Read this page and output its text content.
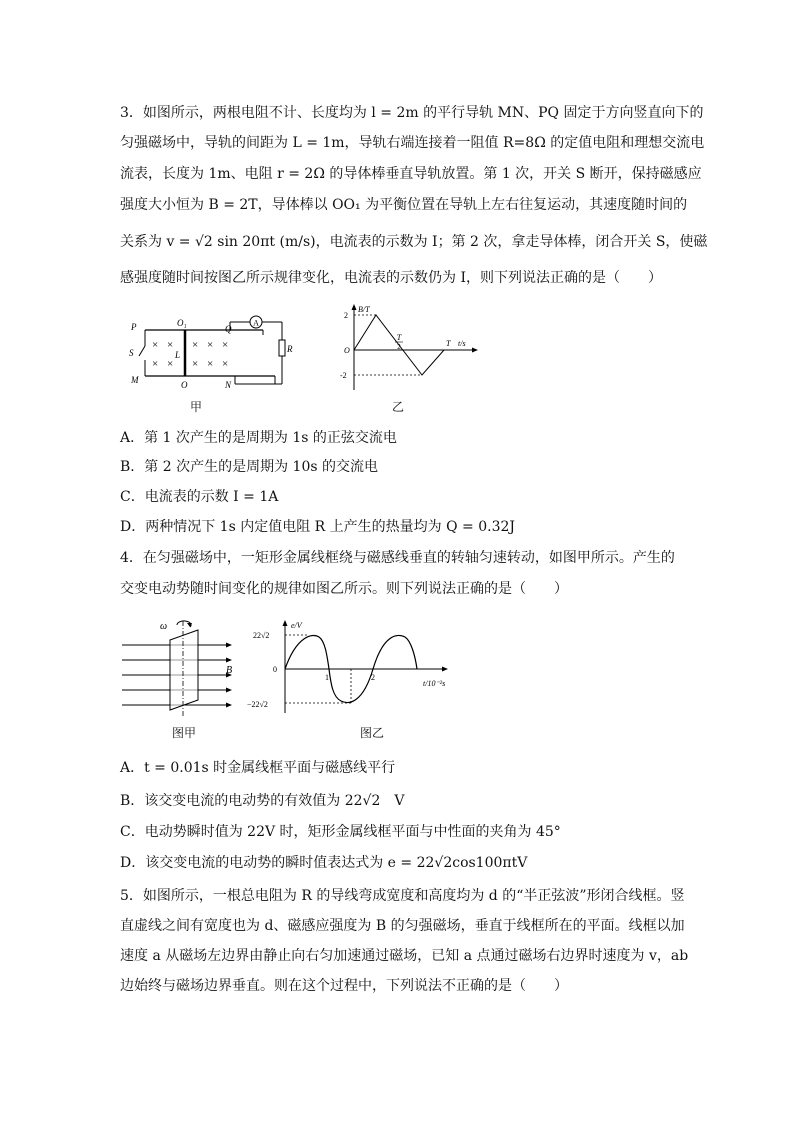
3．如图所示，两根电阻不计、长度均为 l = 2m 的平行导轨 MN、PQ 固定于方向竖直向下的
匀强磁场中，导轨的间距为 L = 1m，导轨右端连接着一阻值 R=8Ω 的定值电阻和理想交流电
流表，长度为 1m、电阻 r = 2Ω 的导体棒垂直导轨放置。第 1 次，开关 S 断开，保持磁感应
强度大小恒为 B = 2T，导体棒以 OO₁ 为平衡位置在导轨上左右往复运动，其速度随时间的
关系为 v = √2 sin 20πt (m/s)，电流表的示数为 I；第 2 次，拿走导体棒，闭合开关 S，使磁
感强度随时间按图乙所示规律变化，电流表的示数仍为 I，则下列说法正确的是（　　）
A
× × × × ×
× × × × ×
P	O₁
Q
S	L
R
M	O	N
甲
B/T
T t/s
T
2
2
O
-2
乙
A．第 1 次产生的是周期为 1s 的正弦交流电
B．第 2 次产生的是周期为 10s 的交流电
C．电流表的示数 I = 1A
D．两种情况下 1s 内定值电阻 R 上产生的热量均为 Q = 0.32J
4．在匀强磁场中，一矩形金属线框绕与磁感线垂直的转轴匀速转动，如图甲所示。产生的
交变电动势随时间变化的规律如图乙所示。则下列说法正确的是（　　）
ω
B
图甲
e/V
22√2
0
−22√2
1	2
t/10⁻²s
图乙
A．t = 0.01s 时金属线框平面与磁感线平行
B．该交变电流的电动势的有效值为 22√2　V
C．电动势瞬时值为 22V 时，矩形金属线框平面与中性面的夹角为 45°
D．该交变电流的电动势的瞬时值表达式为 e = 22√2cos100πtV
5．如图所示，一根总电阻为 R 的导线弯成宽度和高度均为 d 的“半正弦波”形闭合线框。竖
直虚线之间有宽度也为 d、磁感应强度为 B 的匀强磁场，垂直于线框所在的平面。线框以加
速度 a 从磁场左边界由静止向右匀加速通过磁场，已知 a 点通过磁场右边界时速度为 v，ab
边始终与磁场边界垂直。则在这个过程中，下列说法不正确的是（　　）
